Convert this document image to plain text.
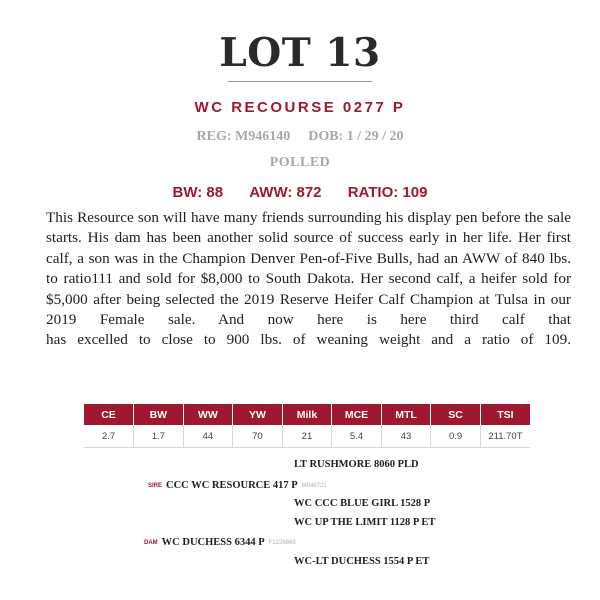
LOT 13
WC RECOURSE 0277 P
REG: M946140 DOB: 1 / 29 / 20
POLLED
BW: 88 AWW: 872 RATIO: 109

This Resource son will have many friends surrounding his display pen before the sale starts. His dam has been another solid source of success early in her life. Her first calf, a son was in the Champion Denver Pen-of-Five Bulls, had an AWW of 840 lbs. to ratio111 and sold for $8,000 to South Dakota. Her second calf, a heifer sold for $5,000 after being selected the 2019 Reserve Heifer Calf Champion at Tulsa in our 2019 Female sale. And now here is here third calf that
has excelled to close to 900 lbs. of weaning weight and a ratio of 109.

CE	BW	WW	YW	Milk	MCE	MTL	SC	TSI
2.7	1.7	44	70	21	5.4	43	0.9	211.70T
LT RUSHMORE 8060 PLD
SIRE CCC WC RESOURCE 417 P M846721
WC CCC BLUE GIRL 1528 P
WC UP THE LIMIT 1128 P ET
DAM WC DUCHESS 6344 P F1226668
WC-LT DUCHESS 1554 P ET
